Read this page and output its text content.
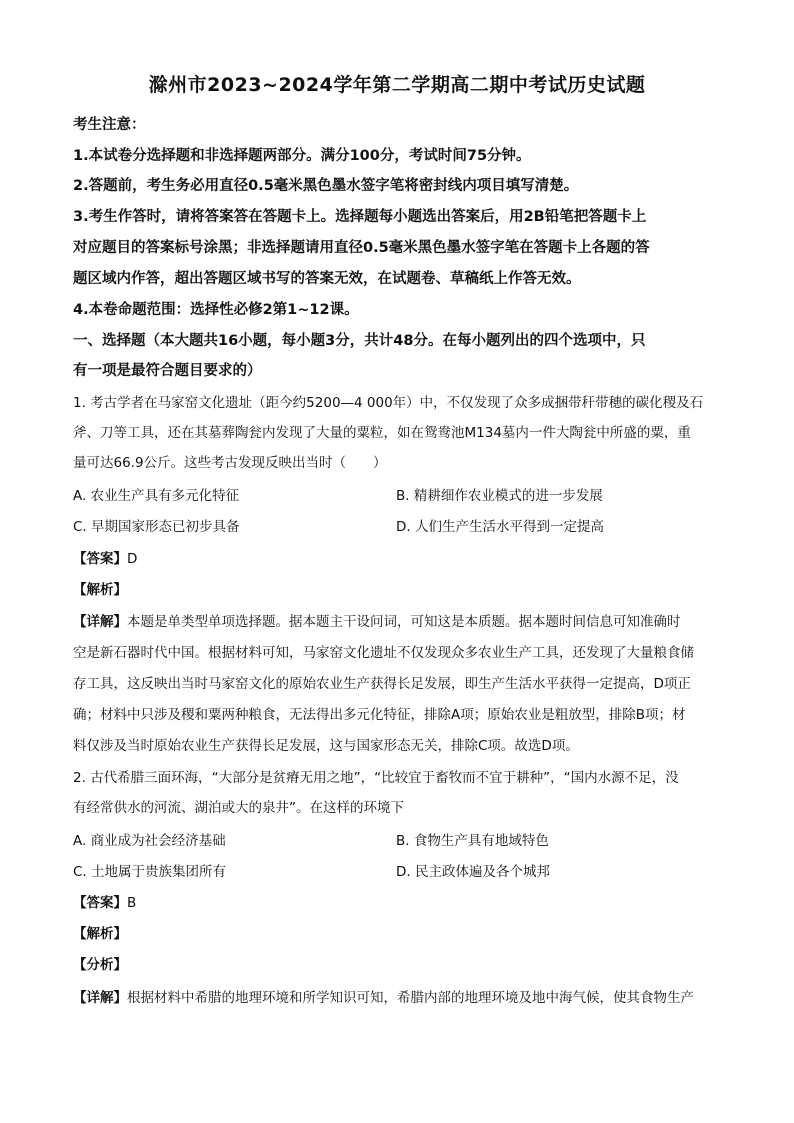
滁州市2023~2024学年第二学期高二期中考试历史试题
考生注意：
1.本试卷分选择题和非选择题两部分。满分100分，考试时间75分钟。
2.答题前，考生务必用直径0.5毫米黑色墨水签字笔将密封线内项目填写清楚。
3.考生作答时，请将答案答在答题卡上。选择题每小题选出答案后，用2B铅笔把答题卡上
对应题目的答案标号涂黑；非选择题请用直径0.5毫米黑色墨水签字笔在答题卡上各题的答
题区域内作答，超出答题区域书写的答案无效，在试题卷、草稿纸上作答无效。
4.本卷命题范围：选择性必修2第1~12课。
一、选择题（本大题共16小题，每小题3分，共计48分。在每小题列出的四个选项中，只
有一项是最符合题目要求的）
1. 考古学者在马家窑文化遗址（距今约5200—4 000年）中，不仅发现了众多成捆带秆带穗的碳化稷及石
斧、刀等工具，还在其墓葬陶瓮内发现了大量的粟粒，如在鸳鸯池M134墓内一件大陶瓮中所盛的粟，重
量可达66.9公斤。这些考古发现反映出当时（　　）
A. 农业生产具有多元化特征	B. 精耕细作农业模式的进一步发展
C. 早期国家形态已初步具备	D. 人们生产生活水平得到一定提高
【答案】D
【解析】
【详解】本题是单类型单项选择题。据本题主干设问词，可知这是本质题。据本题时间信息可知准确时
空是新石器时代中国。根据材料可知，马家窑文化遗址不仅发现众多农业生产工具，还发现了大量粮食储
存工具，这反映出当时马家窑文化的原始农业生产获得长足发展，即生产生活水平获得一定提高，D项正
确；材料中只涉及稷和粟两种粮食，无法得出多元化特征，排除A项；原始农业是粗放型，排除B项；材
料仅涉及当时原始农业生产获得长足发展，这与国家形态无关，排除C项。故选D项。
2. 古代希腊三面环海，“大部分是贫瘠无用之地”，“比较宜于畜牧而不宜于耕种”，“国内水源不足，没
有经常供水的河流、湖泊或大的泉井”。在这样的环境下
A. 商业成为社会经济基础	B. 食物生产具有地域特色
C. 土地属于贵族集团所有	D. 民主政体遍及各个城邦
【答案】B
【解析】
【分析】
【详解】根据材料中希腊的地理环境和所学知识可知，希腊内部的地理环境及地中海气候，使其食物生产
